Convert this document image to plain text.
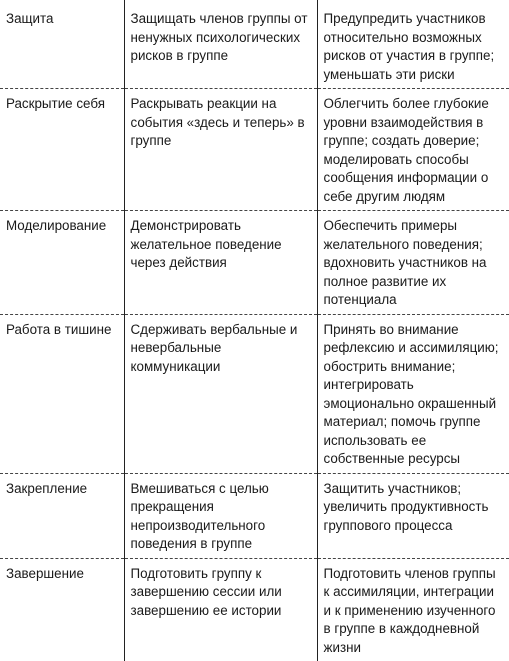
Защита	Защищать членов группы от ненужных психологических рисков в группе	Предупредить участников относительно возможных рисков от участия в группе; уменьшать эти риски
Раскрытие себя	Раскрывать реакции на события «здесь и теперь» в группе	Облегчить более глубокие уровни взаимодействия в группе; создать доверие; моделировать способы сообщения информации о себе другим людям
Моделирование	Демонстрировать желательное поведение через действия	Обеспечить примеры желательного поведения; вдохновить участников на полное развитие их потенциала
Работа в тишине	Сдерживать вербальные и невербальные коммуникации	Принять во внимание рефлексию и ассимиляцию; обострить внимание; интегрировать эмоционально окрашенный материал; помочь группе использовать ее собственные ресурсы
Закрепление	Вмешиваться с целью прекращения непроизводительного поведения в группе	Защитить участников; увеличить продуктивность группового процесса
Завершение	Подготовить группу к завершению сессии или завершению ее истории	Подготовить членов группы к ассимиляции, интеграции и к применению изученного в группе в каждодневной жизни
